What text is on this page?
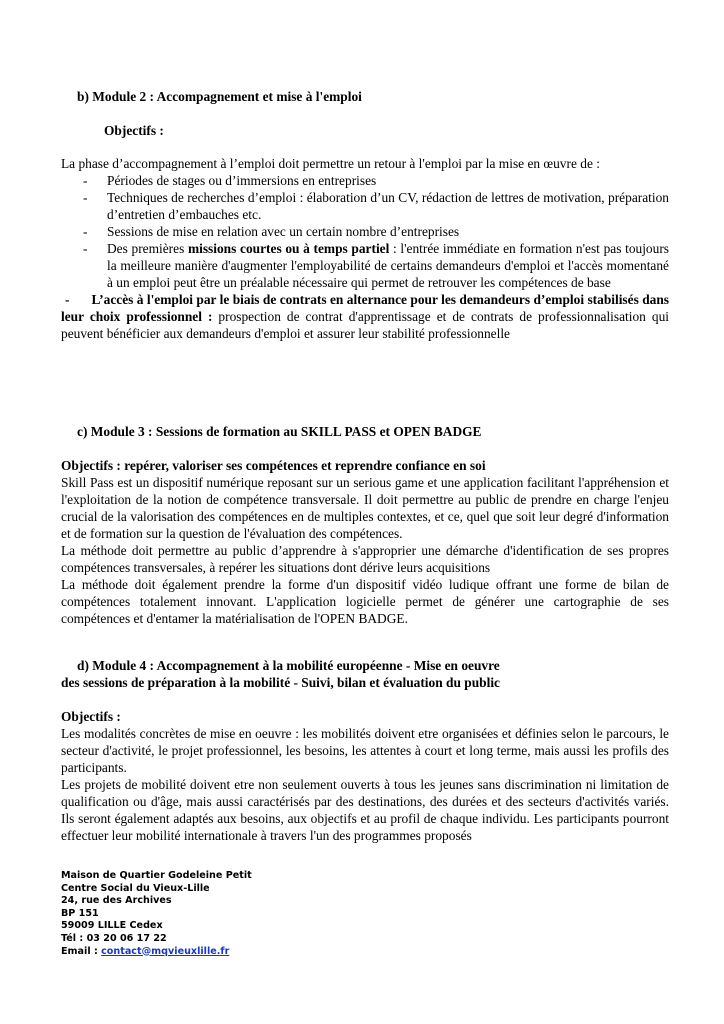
b) Module 2 : Accompagnement et mise à l'emploi
Objectifs :

La phase d’accompagnement à l’emploi doit permettre un retour à l'emploi par la mise en œuvre de :

- Périodes de stages ou d’immersions en entreprises
- Techniques de recherches d’emploi : élaboration d’un CV, rédaction de lettres de motivation, préparation d’entretien d’embauches etc.
- Sessions de mise en relation avec un certain nombre d’entreprises
- Des premières missions courtes ou à temps partiel : l'entrée immédiate en formation n'est pas toujours la meilleure manière d'augmenter l'employabilité de certains demandeurs d'emploi et l'accès momentané à un emploi peut être un préalable nécessaire qui permet de retrouver les compétences de base

- L’accès à l'emploi par le biais de contrats en alternance pour les demandeurs d’emploi stabilisés dans leur choix professionnel : prospection de contrat d'apprentissage et de contrats de professionnalisation qui peuvent bénéficier aux demandeurs d'emploi et assurer leur stabilité professionnelle

c) Module 3 : Sessions de formation au SKILL PASS et OPEN BADGE

Objectifs : repérer, valoriser ses compétences et reprendre confiance en soi

Skill Pass est un dispositif numérique reposant sur un serious game et une application facilitant l'appréhension et l'exploitation de la notion de compétence transversale. Il doit permettre au public de prendre en charge l'enjeu crucial de la valorisation des compétences en de multiples contextes, et ce, quel que soit leur degré d'information et de formation sur la question de l'évaluation des compétences.

La méthode doit permettre au public d’apprendre à s'approprier une démarche d'identification de ses propres compétences transversales, à repérer les situations dont dérive leurs acquisitions

La méthode doit également prendre la forme d'un dispositif vidéo ludique offrant une forme de bilan de compétences totalement innovant. L'application logicielle permet de générer une cartographie de ses compétences et d'entamer la matérialisation de l'OPEN BADGE.

d) Module 4 : Accompagnement à la mobilité européenne - Mise en oeuvre
des sessions de préparation à la mobilité - Suivi, bilan et évaluation du public

Objectifs :

Les modalités concrètes de mise en oeuvre : les mobilités doivent etre organisées et définies selon le parcours, le secteur d'activité, le projet professionnel, les besoins, les attentes à court et long terme, mais aussi les profils des participants.

Les projets de mobilité doivent etre non seulement ouverts à tous les jeunes sans discrimination ni limitation de qualification ou d'âge, mais aussi caractérisés par des destinations, des durées et des secteurs d'activités variés. Ils seront également adaptés aux besoins, aux objectifs et au profil de chaque individu. Les participants pourront effectuer leur mobilité internationale à travers l'un des programmes proposés

Maison de Quartier Godeleine Petit
Centre Social du Vieux-Lille
24, rue des Archives
BP 151
59009 LILLE Cedex
Tél : 03 20 06 17 22
Email : contact@mqvieuxlille.fr
